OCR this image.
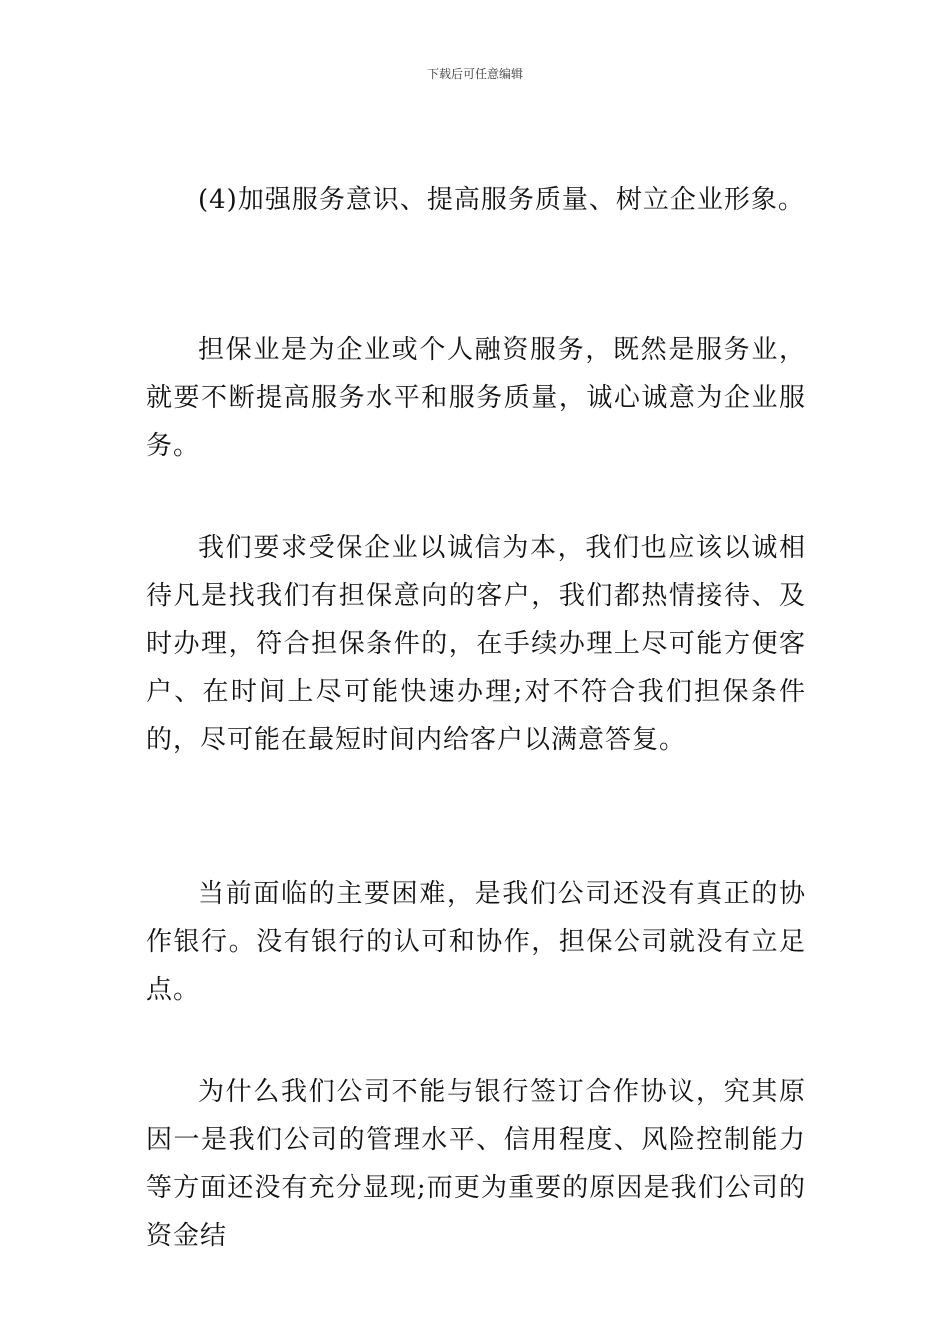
下载后可任意编辑

(4)加强服务意识、提高服务质量、树立企业形象。

担保业是为企业或个人融资服务，既然是服务业，就要不断提高服务水平和服务质量，诚心诚意为企业服务。

我们要求受保企业以诚信为本，我们也应该以诚相待凡是找我们有担保意向的客户，我们都热情接待、及时办理，符合担保条件的，在手续办理上尽可能方便客户、在时间上尽可能快速办理;对不符合我们担保条件的，尽可能在最短时间内给客户以满意答复。

当前面临的主要困难，是我们公司还没有真正的协作银行。没有银行的认可和协作，担保公司就没有立足点。

为什么我们公司不能与银行签订合作协议，究其原因一是我们公司的管理水平、信用程度、风险控制能力等方面还没有充分显现;而更为重要的原因是我们公司的资金结
